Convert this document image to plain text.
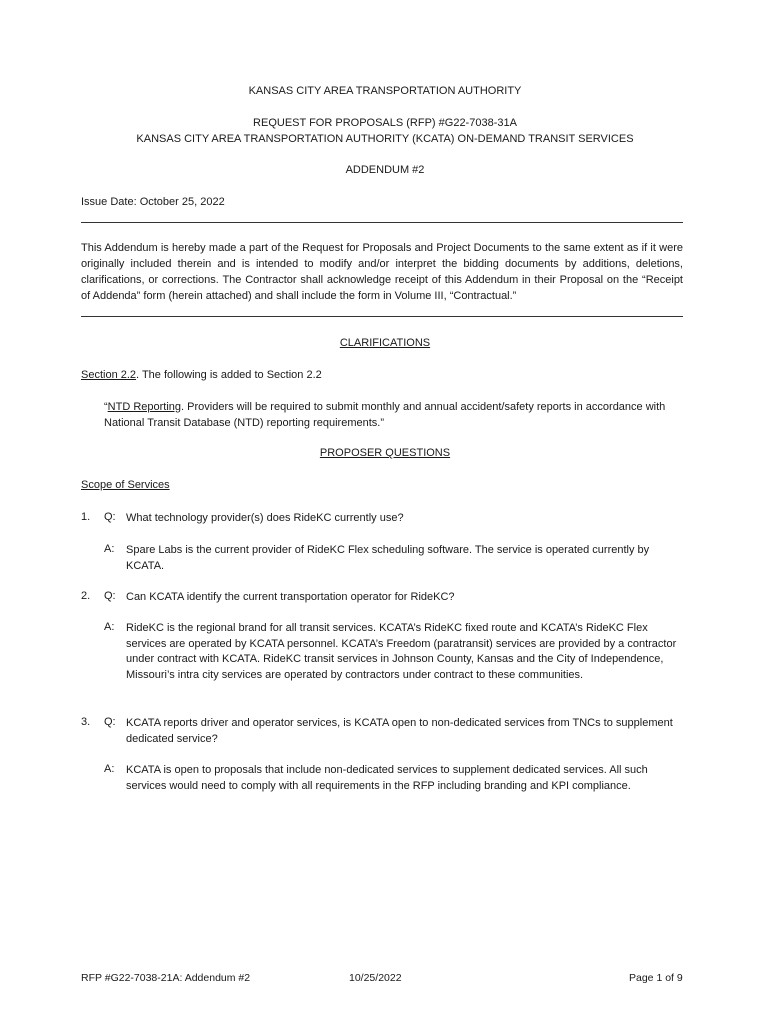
KANSAS CITY AREA TRANSPORTATION AUTHORITY
REQUEST FOR PROPOSALS (RFP) #G22-7038-31A
KANSAS CITY AREA TRANSPORTATION AUTHORITY (KCATA) ON-DEMAND TRANSIT SERVICES
ADDENDUM #2
Issue Date: October 25, 2022
This Addendum is hereby made a part of the Request for Proposals and Project Documents to the same extent as if it were originally included therein and is intended to modify and/or interpret the bidding documents by additions, deletions, clarifications, or corrections. The Contractor shall acknowledge receipt of this Addendum in their Proposal on the “Receipt of Addenda” form (herein attached) and shall include the form in Volume III, “Contractual.”
CLARIFICATIONS
Section 2.2. The following is added to Section 2.2
“NTD Reporting. Providers will be required to submit monthly and annual accident/safety reports in accordance with National Transit Database (NTD) reporting requirements.”
PROPOSER QUESTIONS
Scope of Services
1. Q: What technology provider(s) does RideKC currently use?
A: Spare Labs is the current provider of RideKC Flex scheduling software. The service is operated currently by KCATA.
2. Q: Can KCATA identify the current transportation operator for RideKC?
A: RideKC is the regional brand for all transit services. KCATA’s RideKC fixed route and KCATA’s RideKC Flex services are operated by KCATA personnel. KCATA’s Freedom (paratransit) services are provided by a contractor under contract with KCATA. RideKC transit services in Johnson County, Kansas and the City of Independence, Missouri’s intra city services are operated by contractors under contract to these communities.
3. Q: KCATA reports driver and operator services, is KCATA open to non-dedicated services from TNCs to supplement dedicated service?
A: KCATA is open to proposals that include non-dedicated services to supplement dedicated services. All such services would need to comply with all requirements in the RFP including branding and KPI compliance.
RFP #G22-7038-21A: Addendum #2	10/25/2022	Page 1 of 9
